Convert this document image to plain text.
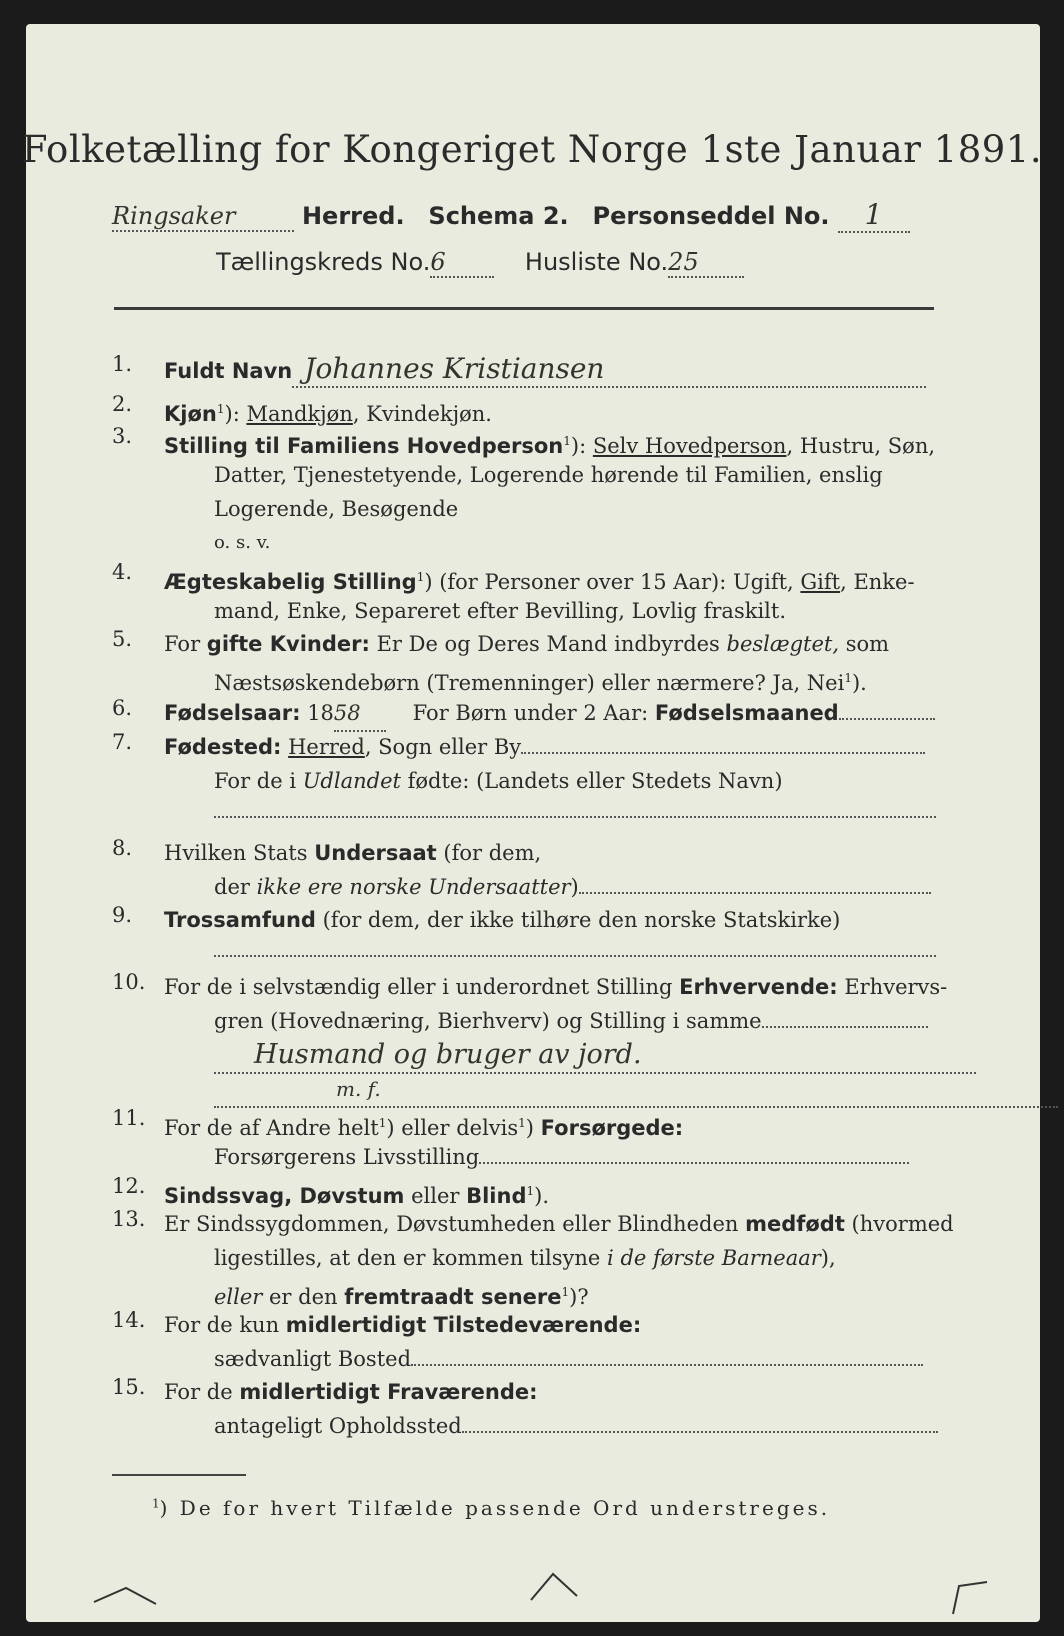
Folketælling for Kongeriget Norge 1ste Januar 1891.
Ringsaker	Herred. Schema 2. Personseddel No. 1
Tællingskreds No.6	Husliste No.25
1.	Fuldt Navn Johannes Kristiansen
2.	Kjøn$^1$): Mandkjøn, Kvindekjøn.
3.	Stilling til Familiens Hovedperson$^1$): Selv Hovedperson, Hustru, Søn,
Datter, Tjenestetyende, Logerende hørende til Familien, enslig
Logerende, Besøgende
o. s. v.
4.	Ægteskabelig Stilling$^1$) (for Personer over 15 Aar): Ugift, Gift, Enke-
mand, Enke, Separeret efter Bevilling, Lovlig fraskilt.
5.	For gifte Kvinder: Er De og Deres Mand indbyrdes beslægtet, som
Næstsøskendebørn (Tremenninger) eller nærmere? Ja, Nei$^1$).
6.	Fødselsaar: 1858 For Børn under 2 Aar: Fødselsmaaned
7.	Fødested: Herred, Sogn eller By
For de i Udlandet fødte: (Landets eller Stedets Navn)
8.	Hvilken Stats Undersaat (for dem,
der ikke ere norske Undersaatter)
9.	Trossamfund (for dem, der ikke tilhøre den norske Statskirke)
10. For de i selvstændig eller i underordnet Stilling Erhvervende: Erhvervs-
gren (Hovednæring, Bierhverv) og Stilling i samme
Husmand og bruger av jord.
m. f.
11. For de af Andre helt$^1$) eller delvis$^1$) Forsørgede:
Forsørgerens Livsstilling
12. Sindssvag, Døvstum eller Blind$^1$).
13. Er Sindssygdommen, Døvstumheden eller Blindheden medfødt (hvormed
ligestilles, at den er kommen tilsyne i de første Barneaar),
eller er den fremtraadt senere$^1$)?
14. For de kun midlertidigt Tilstedeværende:
sædvanligt Bosted
15. For de midlertidigt Fraværende:
antageligt Opholdssted
$^1$) De for hvert Tilfælde passende Ord understreges.
